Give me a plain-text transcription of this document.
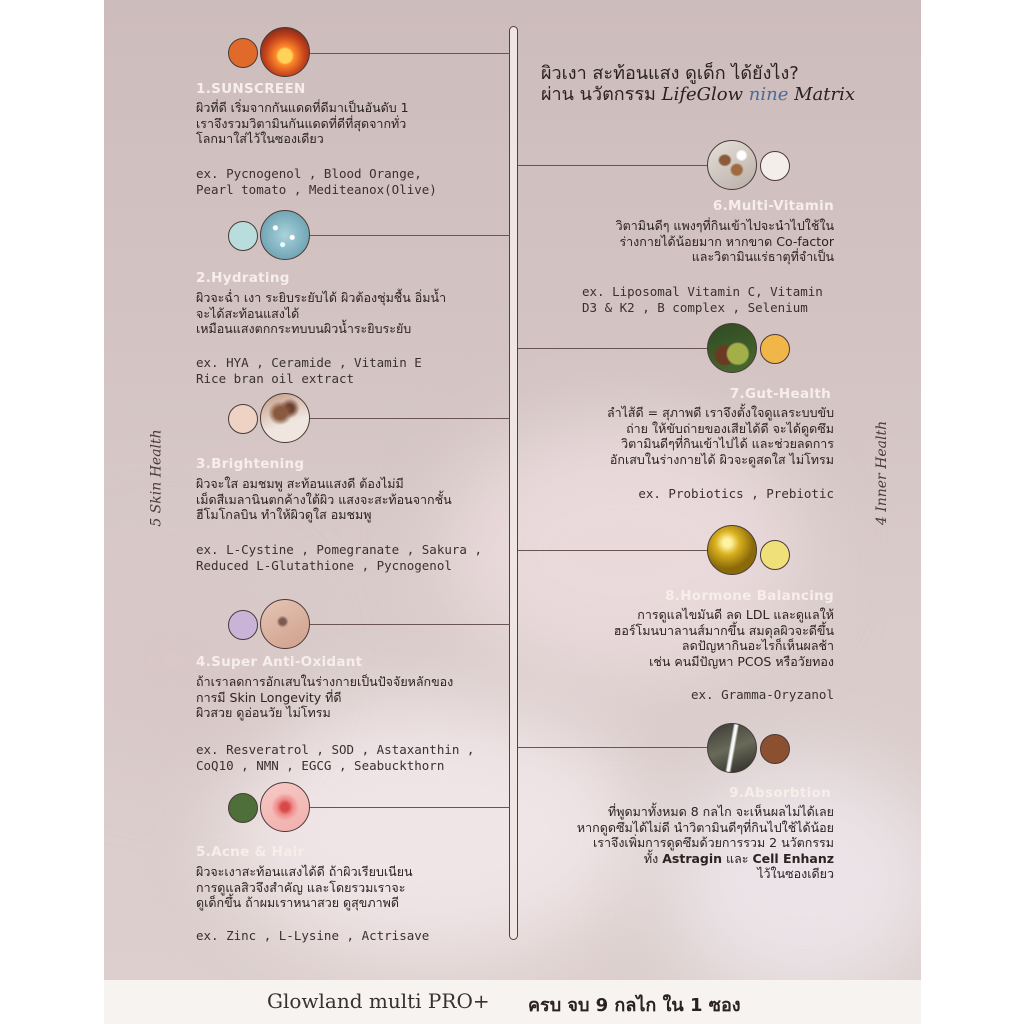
5 Skin Health	4 Inner Health
ผิวเงา สะท้อนแสง ดูเด็ก ได้ยังไง?
ผ่าน นวัตกรรม LifeGlow nine Matrix
1.SUNSCREEN
ผิวที่ดี เริ่มจากกันแดดที่ดีมาเป็นอันดับ 1
เราจึงรวมวิตามินกันแดดที่ดีที่สุดจากทั่ว
โลกมาใส่ไว้ในซองเดียว
ex. Pycnogenol , Blood Orange,
Pearl tomato , Mediteanox(Olive)
2.Hydrating
ผิวจะฉ่ำ เงา ระยิบระยับได้ ผิวต้องชุ่มชื้น อิ่มน้ำ
จะได้สะท้อนแสงได้
เหมือนแสงตกกระทบบนผิวน้ำระยิบระยับ
ex. HYA , Ceramide , Vitamin E
Rice bran oil extract
3.Brightening
ผิวจะใส อมชมพู สะท้อนแสงดี ต้องไม่มี
เม็ดสีเมลานินตกค้างใต้ผิว แสงจะสะท้อนจากชั้น
ฮีโมโกลบิน ทำให้ผิวดูใส อมชมพู
ex. L-Cystine , Pomegranate , Sakura ,
Reduced L-Glutathione , Pycnogenol
4.Super Anti-Oxidant
ถ้าเราลดการอักเสบในร่างกายเป็นปัจจัยหลักของ
การมี Skin Longevity ที่ดี
ผิวสวย ดูอ่อนวัย ไม่โทรม
ex. Resveratrol , SOD , Astaxanthin ,
CoQ10 , NMN , EGCG , Seabuckthorn
5.Acne & Hair
ผิวจะเงาสะท้อนแสงได้ดี ถ้าผิวเรียบเนียน
การดูแลสิวจึงสำคัญ และโดยรวมเราจะ
ดูเด็กขึ้น ถ้าผมเราหนาสวย ดูสุขภาพดี
ex. Zinc , L-Lysine , Actrisave
6.Multi-Vitamin
วิตามินดีๆ แพงๆที่กินเข้าไปจะนำไปใช้ใน
ร่างกายได้น้อยมาก หากขาด Co-factor
และวิตามินแร่ธาตุที่จำเป็น
ex. Liposomal Vitamin C, Vitamin
D3 & K2 , B complex , Selenium
7.Gut-Health
ลำไส้ดี = สุภาพดี เราจึงตั้งใจดูแลระบบขับ
ถ่าย ให้ขับถ่ายของเสียได้ดี จะได้ดูดซึม
วิตามินดีๆที่กินเข้าไปได้ และช่วยลดการ
อักเสบในร่างกายได้ ผิวจะดูสดใส ไม่โทรม
ex. Probiotics , Prebiotic
8.Hormone Balancing
การดูแลไขมันดี ลด LDL และดูแลให้
ฮอร์โมนบาลานส์มากขึ้น สมดุลผิวจะดีขึ้น
ลดปัญหากินอะไรก็เห็นผลช้า
เช่น คนมีปัญหา PCOS หรือวัยทอง
ex. Gramma-Oryzanol
9.Absorbtion
ที่พูดมาทั้งหมด 8 กลไก จะเห็นผลไม่ได้เลย
หากดูดซึมได้ไม่ดี นำวิตามินดีๆที่กินไปใช้ได้น้อย
เราจึงเพิ่มการดูดซึมด้วยการรวม 2 นวัตกรรม
ทั้ง Astragin และ Cell Enhanz
ไว้ในซองเดียว
Glowland multi PRO+ ครบ จบ 9 กลไก ใน 1 ซอง
